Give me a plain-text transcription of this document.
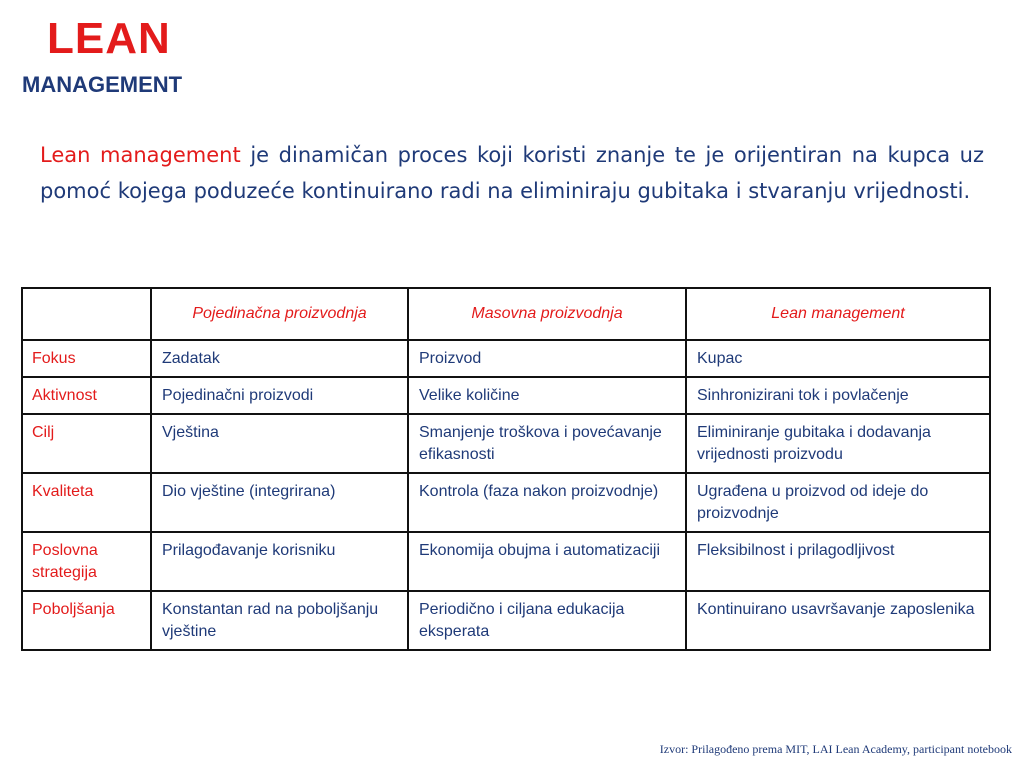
LEAN
MANAGEMENT

Lean management je dinamičan proces koji koristi znanje te je orijentiran na kupca uz pomoć kojega poduzeće kontinuirano radi na eliminiraju gubitaka i stvaranju vrijednosti.

	Pojedinačna proizvodnja	Masovna proizvodnja	Lean management
Fokus	Zadatak	Proizvod	Kupac
Aktivnost	Pojedinačni proizvodi	Velike količine	Sinhronizirani tok i povlačenje
Cilj	Vještina	Smanjenje troškova i povećavanje efikasnosti	Eliminiranje gubitaka i dodavanja vrijednosti proizvodu
Kvaliteta	Dio vještine (integrirana)	Kontrola (faza nakon proizvodnje)	Ugrađena u proizvod od ideje do proizvodnje
Poslovna strategija	Prilagođavanje korisniku	Ekonomija obujma i automatizaciji	Fleksibilnost i prilagodljivost
Poboljšanja	Konstantan rad na poboljšanju vještine	Periodično i ciljana edukacija eksperata	Kontinuirano usavršavanje zaposlenika
Izvor: Prilagođeno prema MIT, LAI Lean Academy, participant notebook
